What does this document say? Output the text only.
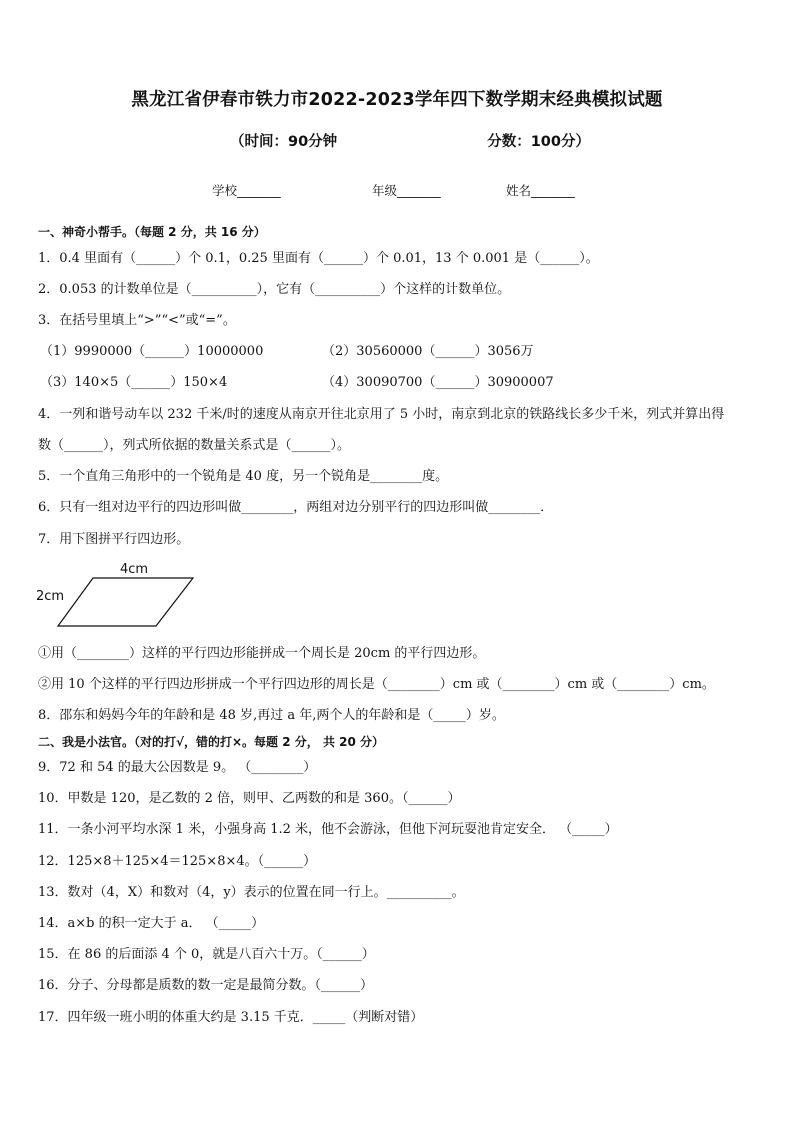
黑龙江省伊春市铁力市2022-2023学年四下数学期末经典模拟试题
（时间：90分钟	分数：100分）
学校_______	年级_______	姓名_______
一、神奇小帮手。（每题 2 分，共 16 分）
1．0.4 里面有（______）个 0.1，0.25 里面有（______）个 0.01，13 个 0.001 是（______）。
2．0.053 的计数单位是（__________），它有（__________）个这样的计数单位。
3．在括号里填上“>”“<”或“=”。
（1）9990000（______）10000000	（2）30560000（______）3056万
（3）140×5（______）150×4	（4）30090700（______）30900007
4．一列和谐号动车以 232 千米/时的速度从南京开往北京用了 5 小时，南京到北京的铁路线长多少千米，列式并算出得
数（______），列式所依据的数量关系式是（______）。
5．一个直角三角形中的一个锐角是 40 度，另一个锐角是________度。
6．只有一组对边平行的四边形叫做________，两组对边分别平行的四边形叫做________．
7．用下图拼平行四边形。
4cm
2cm
①用（________）这样的平行四边形能拼成一个周长是 20cm 的平行四边形。
②用 10 个这样的平行四边形拼成一个平行四边形的周长是（________）cm 或（________）cm 或（________）cm。
8．邵东和妈妈今年的年龄和是 48 岁,再过 a 年,两个人的年龄和是（_____）岁。
二、我是小法官。（对的打√，错的打×。每题 2 分， 共 20 分）
9．72 和 54 的最大公因数是 9。 （________）
10．甲数是 120，是乙数的 2 倍，则甲、乙两数的和是 360。（______）
11．一条小河平均水深 1 米，小强身高 1.2 米，他不会游泳，但他下河玩耍池肯定安全． （_____）
12．125×8＋125×4＝125×8×4。（______）
13．数对（4，X）和数对（4，y）表示的位置在同一行上。__________。
14．a×b 的积一定大于 a． （_____）
15．在 86 的后面添 4 个 0，就是八百六十万。（______）
16．分子、分母都是质数的数一定是最简分数。（______）
17．四年级一班小明的体重大约是 3.15 千克．_____（判断对错）
